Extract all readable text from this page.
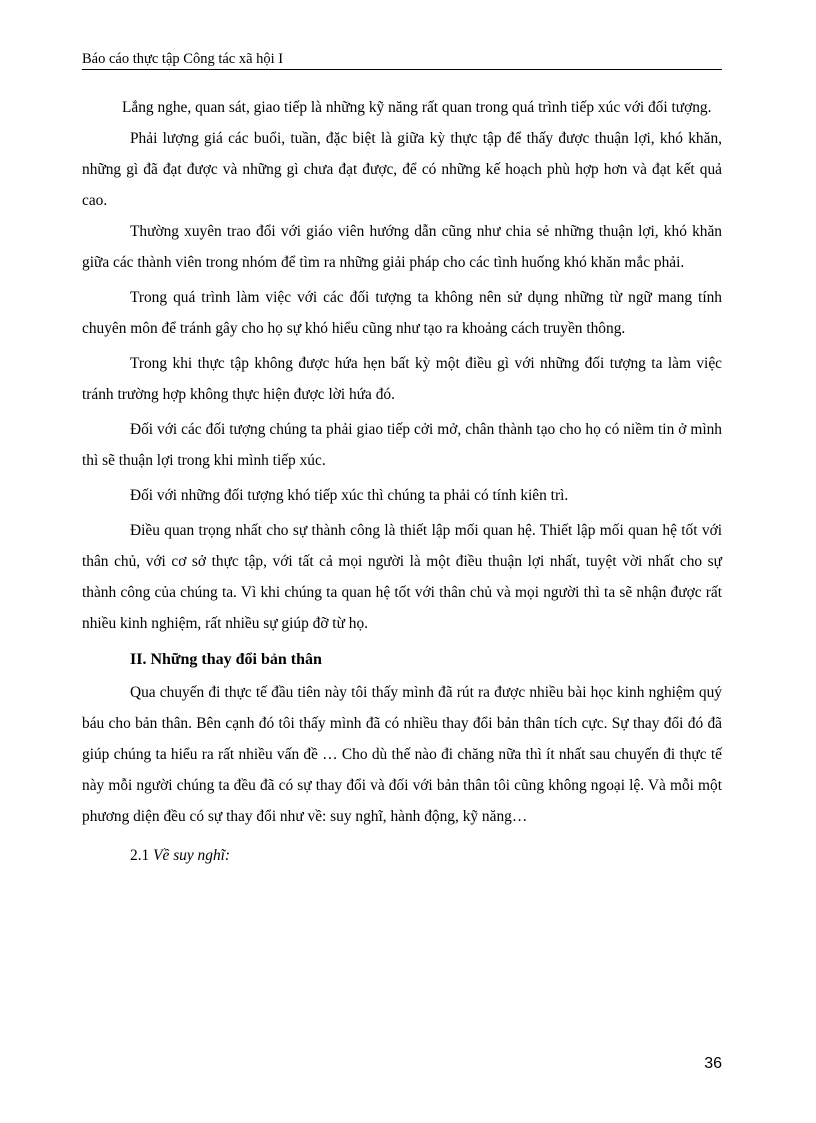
Báo cáo thực tập Công tác xã hội I

Lắng nghe, quan sát, giao tiếp là những kỹ năng rất quan trong quá trình tiếp xúc với đối tượng.

Phải lượng giá các buổi, tuần, đặc biệt là giữa kỳ thực tập để thấy được thuận lợi, khó khăn, những gì đã đạt được và những gì chưa đạt được, để có những kế hoạch phù hợp hơn và đạt kết quả cao.

Thường xuyên trao đổi với giáo viên hướng dẫn cũng như chia sẻ những thuận lợi, khó khăn giữa các thành viên trong nhóm để tìm ra những giải pháp cho các tình huống khó khăn mắc phải.

Trong quá trình làm việc với các đối tượng ta không nên sử dụng những từ ngữ mang tính chuyên môn để tránh gây cho họ sự khó hiểu cũng như tạo ra khoảng cách truyền thông.

Trong khi thực tập không được hứa hẹn bất kỳ một điều gì với những đối tượng ta làm việc tránh trường hợp không thực hiện được lời hứa đó.

Đối với các đối tượng chúng ta phải giao tiếp cởi mở, chân thành tạo cho họ có niềm tin ở mình thì sẽ thuận lợi trong khi mình tiếp xúc.

Đối với những đối tượng khó tiếp xúc thì chúng ta phải có tính kiên trì.

Điều quan trọng nhất cho sự thành công là thiết lập mối quan hệ. Thiết lập mối quan hệ tốt với thân chủ, với cơ sở thực tập, với tất cả mọi người là một điều thuận lợi nhất, tuyệt vời nhất cho sự thành công của chúng ta. Vì khi chúng ta quan hệ tốt với thân chủ và mọi người thì ta sẽ nhận được rất nhiều kinh nghiệm, rất nhiều sự giúp đỡ từ họ.

II. Những thay đổi bản thân

Qua chuyến đi thực tế đầu tiên này tôi thấy mình đã rút ra được nhiều bài học kinh nghiệm quý báu cho bản thân. Bên cạnh đó tôi thấy mình đã có nhiều thay đổi bản thân tích cực. Sự thay đổi đó đã giúp chúng ta hiểu ra rất nhiều vấn đề … Cho dù thế nào đi chăng nữa thì ít nhất sau chuyến đi thực tế này mỗi người chúng ta đều đã có sự thay đổi và đối với bản thân tôi cũng không ngoại lệ. Và mỗi một phương diện đều có sự thay đổi như về: suy nghĩ, hành động, kỹ năng…

2.1 Về suy nghĩ:

36
